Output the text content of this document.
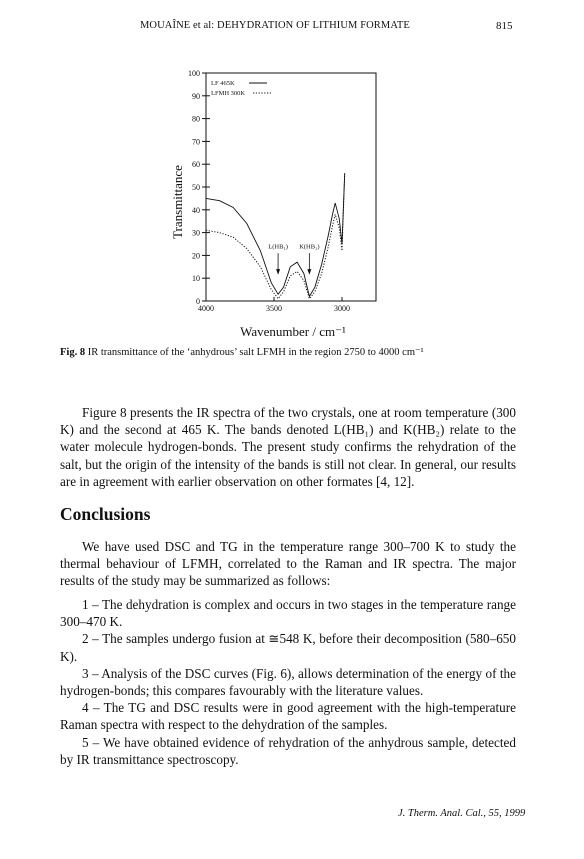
MOUAÎNE et al: DEHYDRATION OF LITHIUM FORMATE	815
0
10
20
30
40
50
60
70
80
90
100
4000	3500	3000
LF 465K
LFMH 300K
L(HB₁) K(HB₂)
Transmittance
Wavenumber / cm⁻¹
Fig. 8 IR transmittance of the ‘anhydrous’ salt LFMH in the region 2750 to 4000 cm⁻¹

Figure 8 presents the IR spectra of the two crystals, one at room temperature (300 K) and the second at 465 K. The bands denoted L(HB₁) and K(HB₂) relate to the water molecule hydrogen-bonds. The present study confirms the rehydration of the salt, but the origin of the intensity of the bands is still not clear. In general, our results are in agreement with earlier observation on other formates [4, 12].

Conclusions

We have used DSC and TG in the temperature range 300–700 K to study the thermal behaviour of LFMH, correlated to the Raman and IR spectra. The major results of the study may be summarized as follows:

1 – The dehydration is complex and occurs in two stages in the temperature range 300–470 K.

2 – The samples undergo fusion at ≅548 K, before their decomposition (580–650 K).

3 – Analysis of the DSC curves (Fig. 6), allows determination of the energy of the hydrogen-bonds; this compares favourably with the literature values.

4 – The TG and DSC results were in good agreement with the high-temperature Raman spectra with respect to the dehydration of the samples.

5 – We have obtained evidence of rehydration of the anhydrous sample, detected by IR transmittance spectroscopy.

J. Therm. Anal. Cal., 55, 1999
